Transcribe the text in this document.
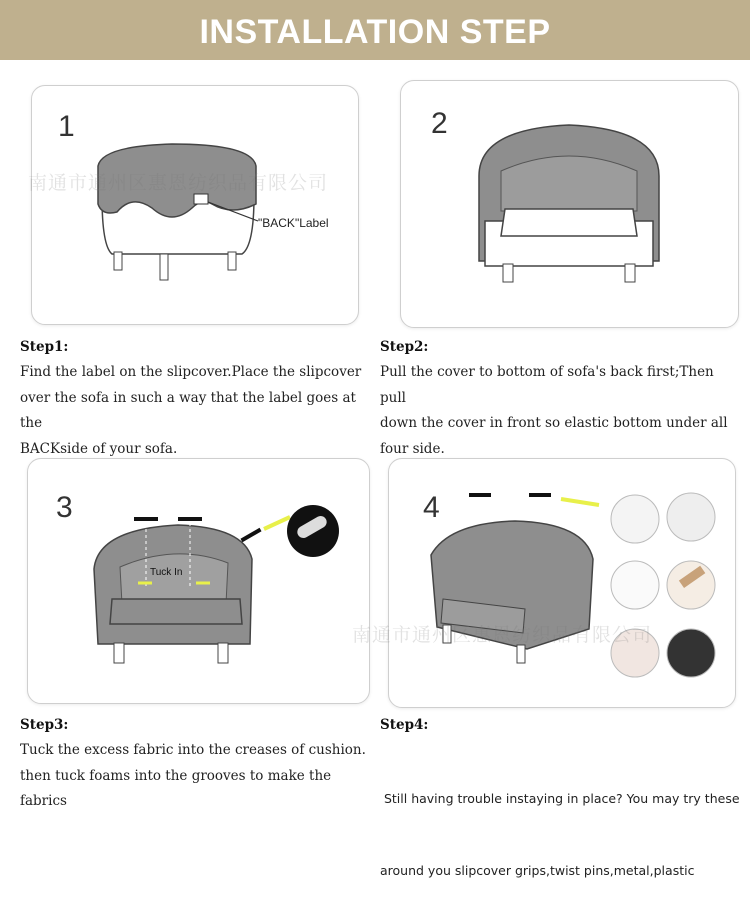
INSTALLATION STEP
1
"BACK"Label
2
Step1:
Find the label on the slipcover.Place the slipcover
over the sofa in such a way that the label goes at the
BACKside of your sofa.
Step2:
Pull the cover to bottom of sofa's back first;Then pull
down the cover in front so elastic bottom under all
four side.
3
Tuck In
4
Step3:
Tuck the excess fabric into the creases of cushion.
then tuck foams into the grooves to make the fabrics
Step4:

Still having trouble instaying in place? You may try these

around you slipcover grips,twist pins,metal,plastic

南通市通州区惠恩纺织品有限公司
南通市通州区惠恩纺织品有限公司
